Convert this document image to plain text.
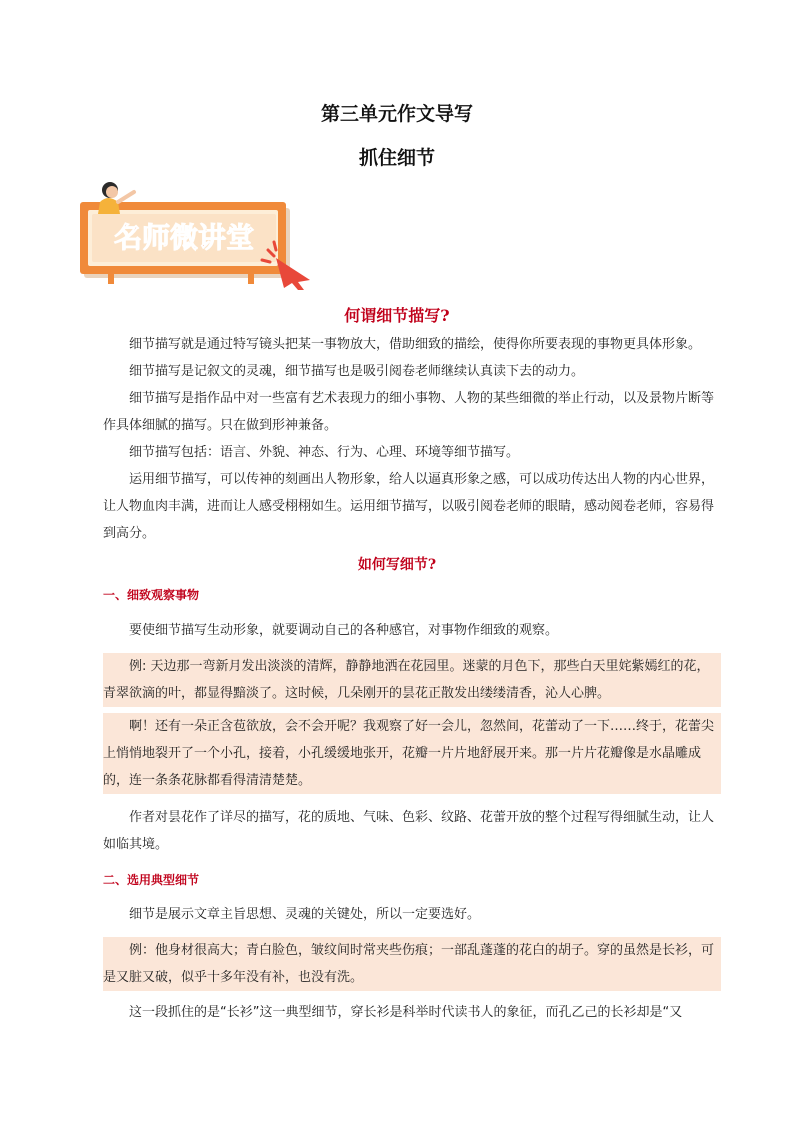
第三单元作文导写
抓住细节
名师微讲堂
何谓细节描写?
细节描写就是通过特写镜头把某一事物放大，借助细致的描绘，使得你所要表现的事物更具体形象。
细节描写是记叙文的灵魂，细节描写也是吸引阅卷老师继续认真读下去的动力。
细节描写是指作品中对一些富有艺术表现力的细小事物、人物的某些细微的举止行动，以及景物片断等作具体细腻的描写。只在做到形神兼备。
细节描写包括：语言、外貌、神态、行为、心理、环境等细节描写。
运用细节描写，可以传神的刻画出人物形象，给人以逼真形象之感，可以成功传达出人物的内心世界，让人物血肉丰满，进而让人感受栩栩如生。运用细节描写，以吸引阅卷老师的眼睛，感动阅卷老师，容易得到高分。
如何写细节?
一、细致观察事物
要使细节描写生动形象，就要调动自己的各种感官，对事物作细致的观察。
例: 天边那一弯新月发出淡淡的清辉，静静地洒在花园里。迷蒙的月色下，那些白天里姹紫嫣红的花，青翠欲滴的叶，都显得黯淡了。这时候，几朵刚开的昙花正散发出缕缕清香，沁人心脾。
啊！还有一朵正含苞欲放，会不会开呢？我观察了好一会儿，忽然间，花蕾动了一下……终于，花蕾尖上悄悄地裂开了一个小孔，接着，小孔缓缓地张开，花瓣一片片地舒展开来。那一片片花瓣像是水晶雕成的，连一条条花脉都看得清清楚楚。
作者对昙花作了详尽的描写，花的质地、气味、色彩、纹路、花蕾开放的整个过程写得细腻生动，让人如临其境。
二、选用典型细节
细节是展示文章主旨思想、灵魂的关键处，所以一定要选好。
例：他身材很高大；青白脸色，皱纹间时常夹些伤痕；一部乱蓬蓬的花白的胡子。穿的虽然是长衫，可是又脏又破，似乎十多年没有补，也没有洗。
这一段抓住的是“长衫”这一典型细节，穿长衫是科举时代读书人的象征，而孔乙己的长衫却是“又
